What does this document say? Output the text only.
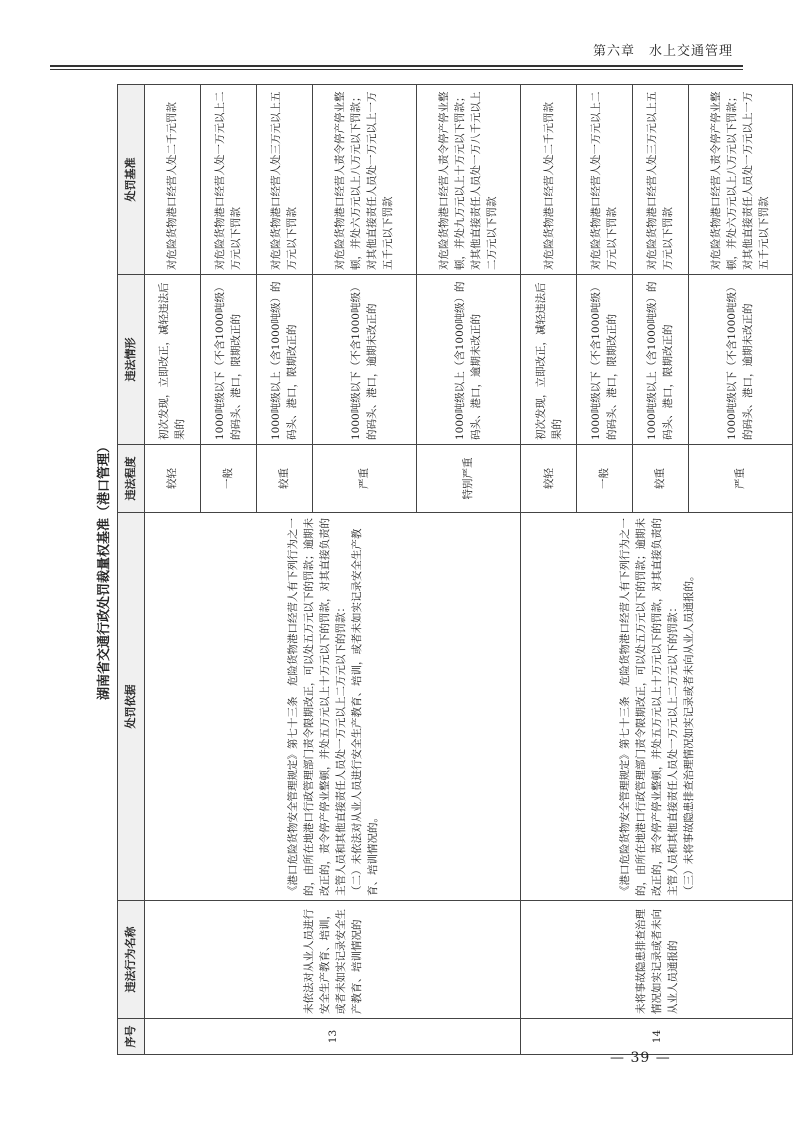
第六章　水上交通管理
湖南省交通行政处罚裁量权基准（港口管理）
序号	违法行为名称	处罚依据	违法程度	违法情形	处罚基准
13	未依法对从业人员进行安全生产教育、培训，或者未如实记录安全生产教育、培训情况的	《港口危险货物安全管理规定》第七十三条　危险货物港口经营人有下列行为之一的，由所在地港口行政管理部门责令限期改正，可以处五万元以下的罚款；逾期未改正的，责令停产停业整顿，并处五万元以上十万元以下的罚款，对其直接负责的主管人员和其他直接责任人员处一万元以上二万元以下的罚款： （二）未依法对从业人员进行安全生产教育、培训，或者未如实记录安全生产教育、培训情况的。	较轻	初次发现，立即改正，减轻违法后果的	对危险货物港口经营人处二千元罚款
			一般	1000吨级以下（不含1000吨级）的码头、港口，限期改正的	对危险货物港口经营人处一万元以上二万元以下罚款
			较重	1000吨级以上（含1000吨级）的码头、港口，限期改正的	对危险货物港口经营人处三万元以上五万元以下罚款
			严重	1000吨级以下（不含1000吨级）的码头、港口，逾期未改正的	对危险货物港口经营人责令停产停业整顿，并处六万元以上八万元以下罚款；对其他直接责任人员处一万元以上一万五千元以下罚款
			特别严重	1000吨级以上（含1000吨级）的码头、港口，逾期未改正的	对危险货物港口经营人责令停产停业整顿，并处九万元以上十万元以下罚款；对其他直接责任人员处一万八千元以上二万元以下罚款
14	未将事故隐患排查治理情况如实记录或者未向从业人员通报的	《港口危险货物安全管理规定》第七十三条　危险货物港口经营人有下列行为之一的，由所在地港口行政管理部门责令限期改正，可以处五万元以下的罚款；逾期未改正的，责令停产停业整顿，并处五万元以上十万元以下的罚款，对其直接负责的主管人员和其他直接责任人员处一万元以上二万元以下的罚款： （三）未将事故隐患排查治理情况如实记录或者未向从业人员通报的。	较轻	初次发现，立即改正，减轻违法后果的	对危险货物港口经营人处二千元罚款
			一般	1000吨级以下（不含1000吨级）的码头、港口，限期改正的	对危险货物港口经营人处一万元以上二万元以下罚款
			较重	1000吨级以上（含1000吨级）的码头、港口，限期改正的	对危险货物港口经营人处三万元以上五万元以下罚款
			严重	1000吨级以下（不含1000吨级）的码头、港口，逾期未改正的	对危险货物港口经营人责令停产停业整顿，并处六万元以上八万元以下罚款；对其他直接责任人员处一万元以上一万五千元以下罚款
— 39 —
